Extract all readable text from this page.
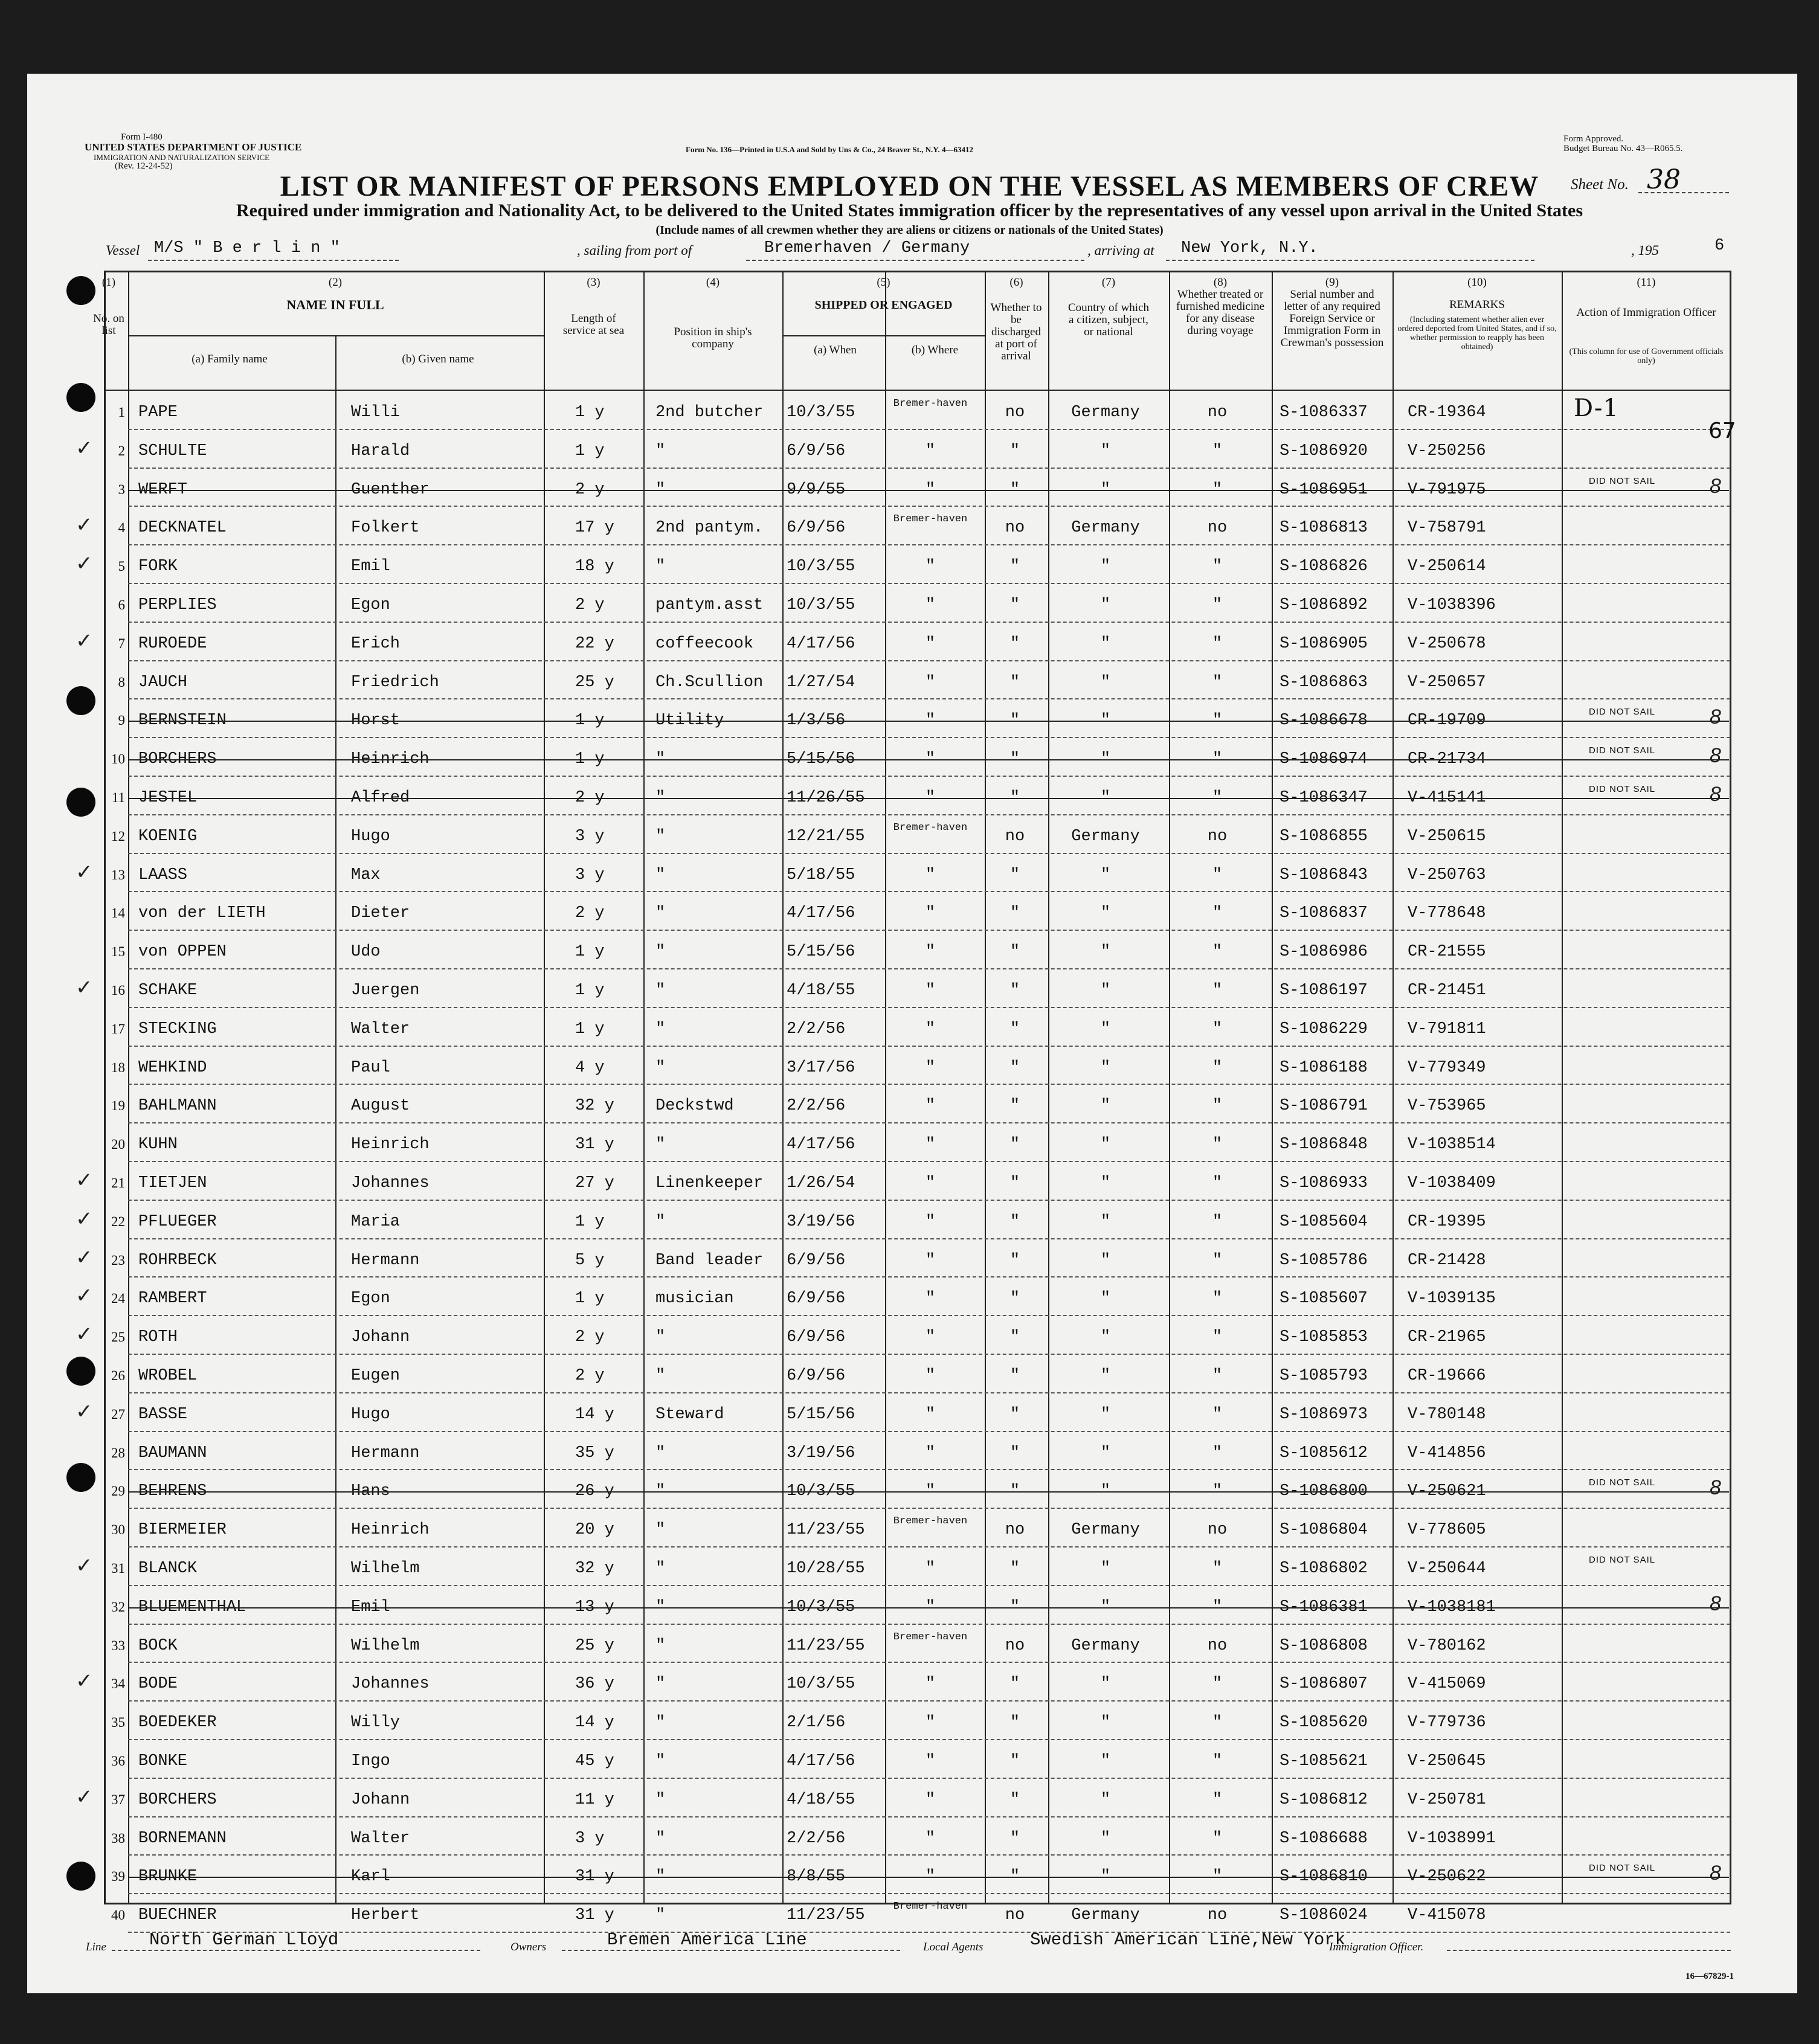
Form I-480
UNITED STATES DEPARTMENT OF JUSTICE
IMMIGRATION AND NATURALIZATION SERVICE
(Rev. 12-24-52)
Form No. 136—Printed in U.S.A and Sold by Uns & Co., 24 Beaver St., N.Y. 4—63412
Form Approved.
Budget Bureau No. 43—R065.5.
LIST OR MANIFEST OF PERSONS EMPLOYED ON THE VESSEL AS MEMBERS OF CREW	Sheet No. 38
Required under immigration and Nationality Act, to be delivered to the United States immigration officer by the representatives of any vessel upon arrival in the United States
(Include names of all crewmen whether they are aliens or citizens or nationals of the United States)
Vessel M/S " B e r l i n "	, sailing from port of	Bremerhaven / Germany	, arriving at New York, N.Y.	, 195	6
(1)
No. on list
(2)
NAME IN FULL
(a) Family name	(b) Given name
(3)
Length of service at sea
(4)
Position in ship's company
(5)
SHIPPED OR ENGAGED
(a) When	(b) Where
(6)
Whether to be discharged at port of arrival
(7)
Country of which a citizen, subject, or national
(8)
Whether treated or furnished medicine for any disease during voyage
(9)
Serial number and letter of any required Foreign Service or Immigration Form in Crewman's possession
(10)
REMARKS
(Including statement whether alien ever ordered deported from United States, and if so, whether permission to reapply has been obtained)
(11)
Action of Immigration Officer
(This column for use of Government officials only)
1 PAPE	Willi	1 y	2nd butcher 10/3/55	Bremer-haven	no	Germany	no	S-1086337 CR-19364	D-1
2 SCHULTE	Harald	1 y	"	6/9/56	"	"	"	"	S-1086920 V-250256
3 WERFT	Guenther	2 y	"	9/9/55	"	"	"	"	S-1086951 V-791975	DID NOT SAIL
4 DECKNATEL	Folkert	17 y	2nd pantym. 6/9/56	Bremer-haven	no	Germany	no	S-1086813 V-758791
5 FORK	Emil	18 y	"	10/3/55	"	"	"	"	S-1086826 V-250614
6 PERPLIES	Egon	2 y	pantym.asst 10/3/55	"	"	"	"	S-1086892 V-1038396
7 RUROEDE	Erich	22 y	coffeecook 4/17/56	"	"	"	"	S-1086905 V-250678
8 JAUCH	Friedrich	25 y	Ch.Scullion 1/27/54	"	"	"	"	S-1086863 V-250657
9 BERNSTEIN	Horst	1 y	Utility	1/3/56	"	"	"	"	S-1086678 CR-19709	DID NOT SAIL
10 BORCHERS	Heinrich	1 y	"	5/15/56	"	"	"	"	S-1086974 CR-21734	DID NOT SAIL
11 JESTEL	Alfred	2 y	"	11/26/55	"	"	"	"	S-1086347 V-415141	DID NOT SAIL
12 KOENIG	Hugo	3 y	"	12/21/55	Bremer-haven	no	Germany	no	S-1086855 V-250615
13 LAASS	Max	3 y	"	5/18/55	"	"	"	"	S-1086843 V-250763
14 von der LIETH	Dieter	2 y	"	4/17/56	"	"	"	"	S-1086837 V-778648
15 von OPPEN	Udo	1 y	"	5/15/56	"	"	"	"	S-1086986 CR-21555
16 SCHAKE	Juergen	1 y	"	4/18/55	"	"	"	"	S-1086197 CR-21451
17 STECKING	Walter	1 y	"	2/2/56	"	"	"	"	S-1086229 V-791811
18 WEHKIND	Paul	4 y	"	3/17/56	"	"	"	"	S-1086188 V-779349
19 BAHLMANN	August	32 y	Deckstwd	2/2/56	"	"	"	"	S-1086791 V-753965
20 KUHN	Heinrich	31 y	"	4/17/56	"	"	"	"	S-1086848 V-1038514
21 TIETJEN	Johannes	27 y	Linenkeeper 1/26/54	"	"	"	"	S-1086933 V-1038409
22 PFLUEGER	Maria	1 y	"	3/19/56	"	"	"	"	S-1085604 CR-19395
23 ROHRBECK	Hermann	5 y	Band leader 6/9/56	"	"	"	"	S-1085786 CR-21428
24 RAMBERT	Egon	1 y	musician	6/9/56	"	"	"	"	S-1085607 V-1039135
25 ROTH	Johann	2 y	"	6/9/56	"	"	"	"	S-1085853 CR-21965
26 WROBEL	Eugen	2 y	"	6/9/56	"	"	"	"	S-1085793 CR-19666
27 BASSE	Hugo	14 y	Steward	5/15/56	"	"	"	"	S-1086973 V-780148
28 BAUMANN	Hermann	35 y	"	3/19/56	"	"	"	"	S-1085612 V-414856
29 BEHRENS	Hans	26 y	"	10/3/55	"	"	"	"	S-1086800 V-250621	DID NOT SAIL
30 BIERMEIER	Heinrich	20 y	"	11/23/55	Bremer-haven	no	Germany	no	S-1086804 V-778605
31 BLANCK	Wilhelm	32 y	"	10/28/55	"	"	"	"	S-1086802 V-250644	DID NOT SAIL
32 BLUEMENTHAL	Emil	13 y	"	10/3/55	"	"	"	"	S-1086381 V-1038181
33 BOCK	Wilhelm	25 y	"	11/23/55	Bremer-haven	no	Germany	no	S-1086808 V-780162
34 BODE	Johannes	36 y	"	10/3/55	"	"	"	"	S-1086807 V-415069
35 BOEDEKER	Willy	14 y	"	2/1/56	"	"	"	"	S-1085620 V-779736
36 BONKE	Ingo	45 y	"	4/17/56	"	"	"	"	S-1085621 V-250645
37 BORCHERS	Johann	11 y	"	4/18/55	"	"	"	"	S-1086812 V-250781
38 BORNEMANN	Walter	3 y	"	2/2/56	"	"	"	"	S-1086688 V-1038991
39 BRUNKE	Karl	31 y	"	8/8/55	"	"	"	"	S-1086810 V-250622	DID NOT SAIL
40 BUECHNER	Herbert	31 y	"	11/23/55	Bremer-haven	no	Germany	no	S-1086024 V-415078
Line North German Lloyd	Owners	Bremen America Line	Local Agents	Swedish American Line,New York
Immigration Officer.
16—67829-1
67
✓
✓
✓
✓
✓
✓
✓
✓
✓
✓
✓
✓
✓
✓
✓
8
8
8
8
8
8
8
